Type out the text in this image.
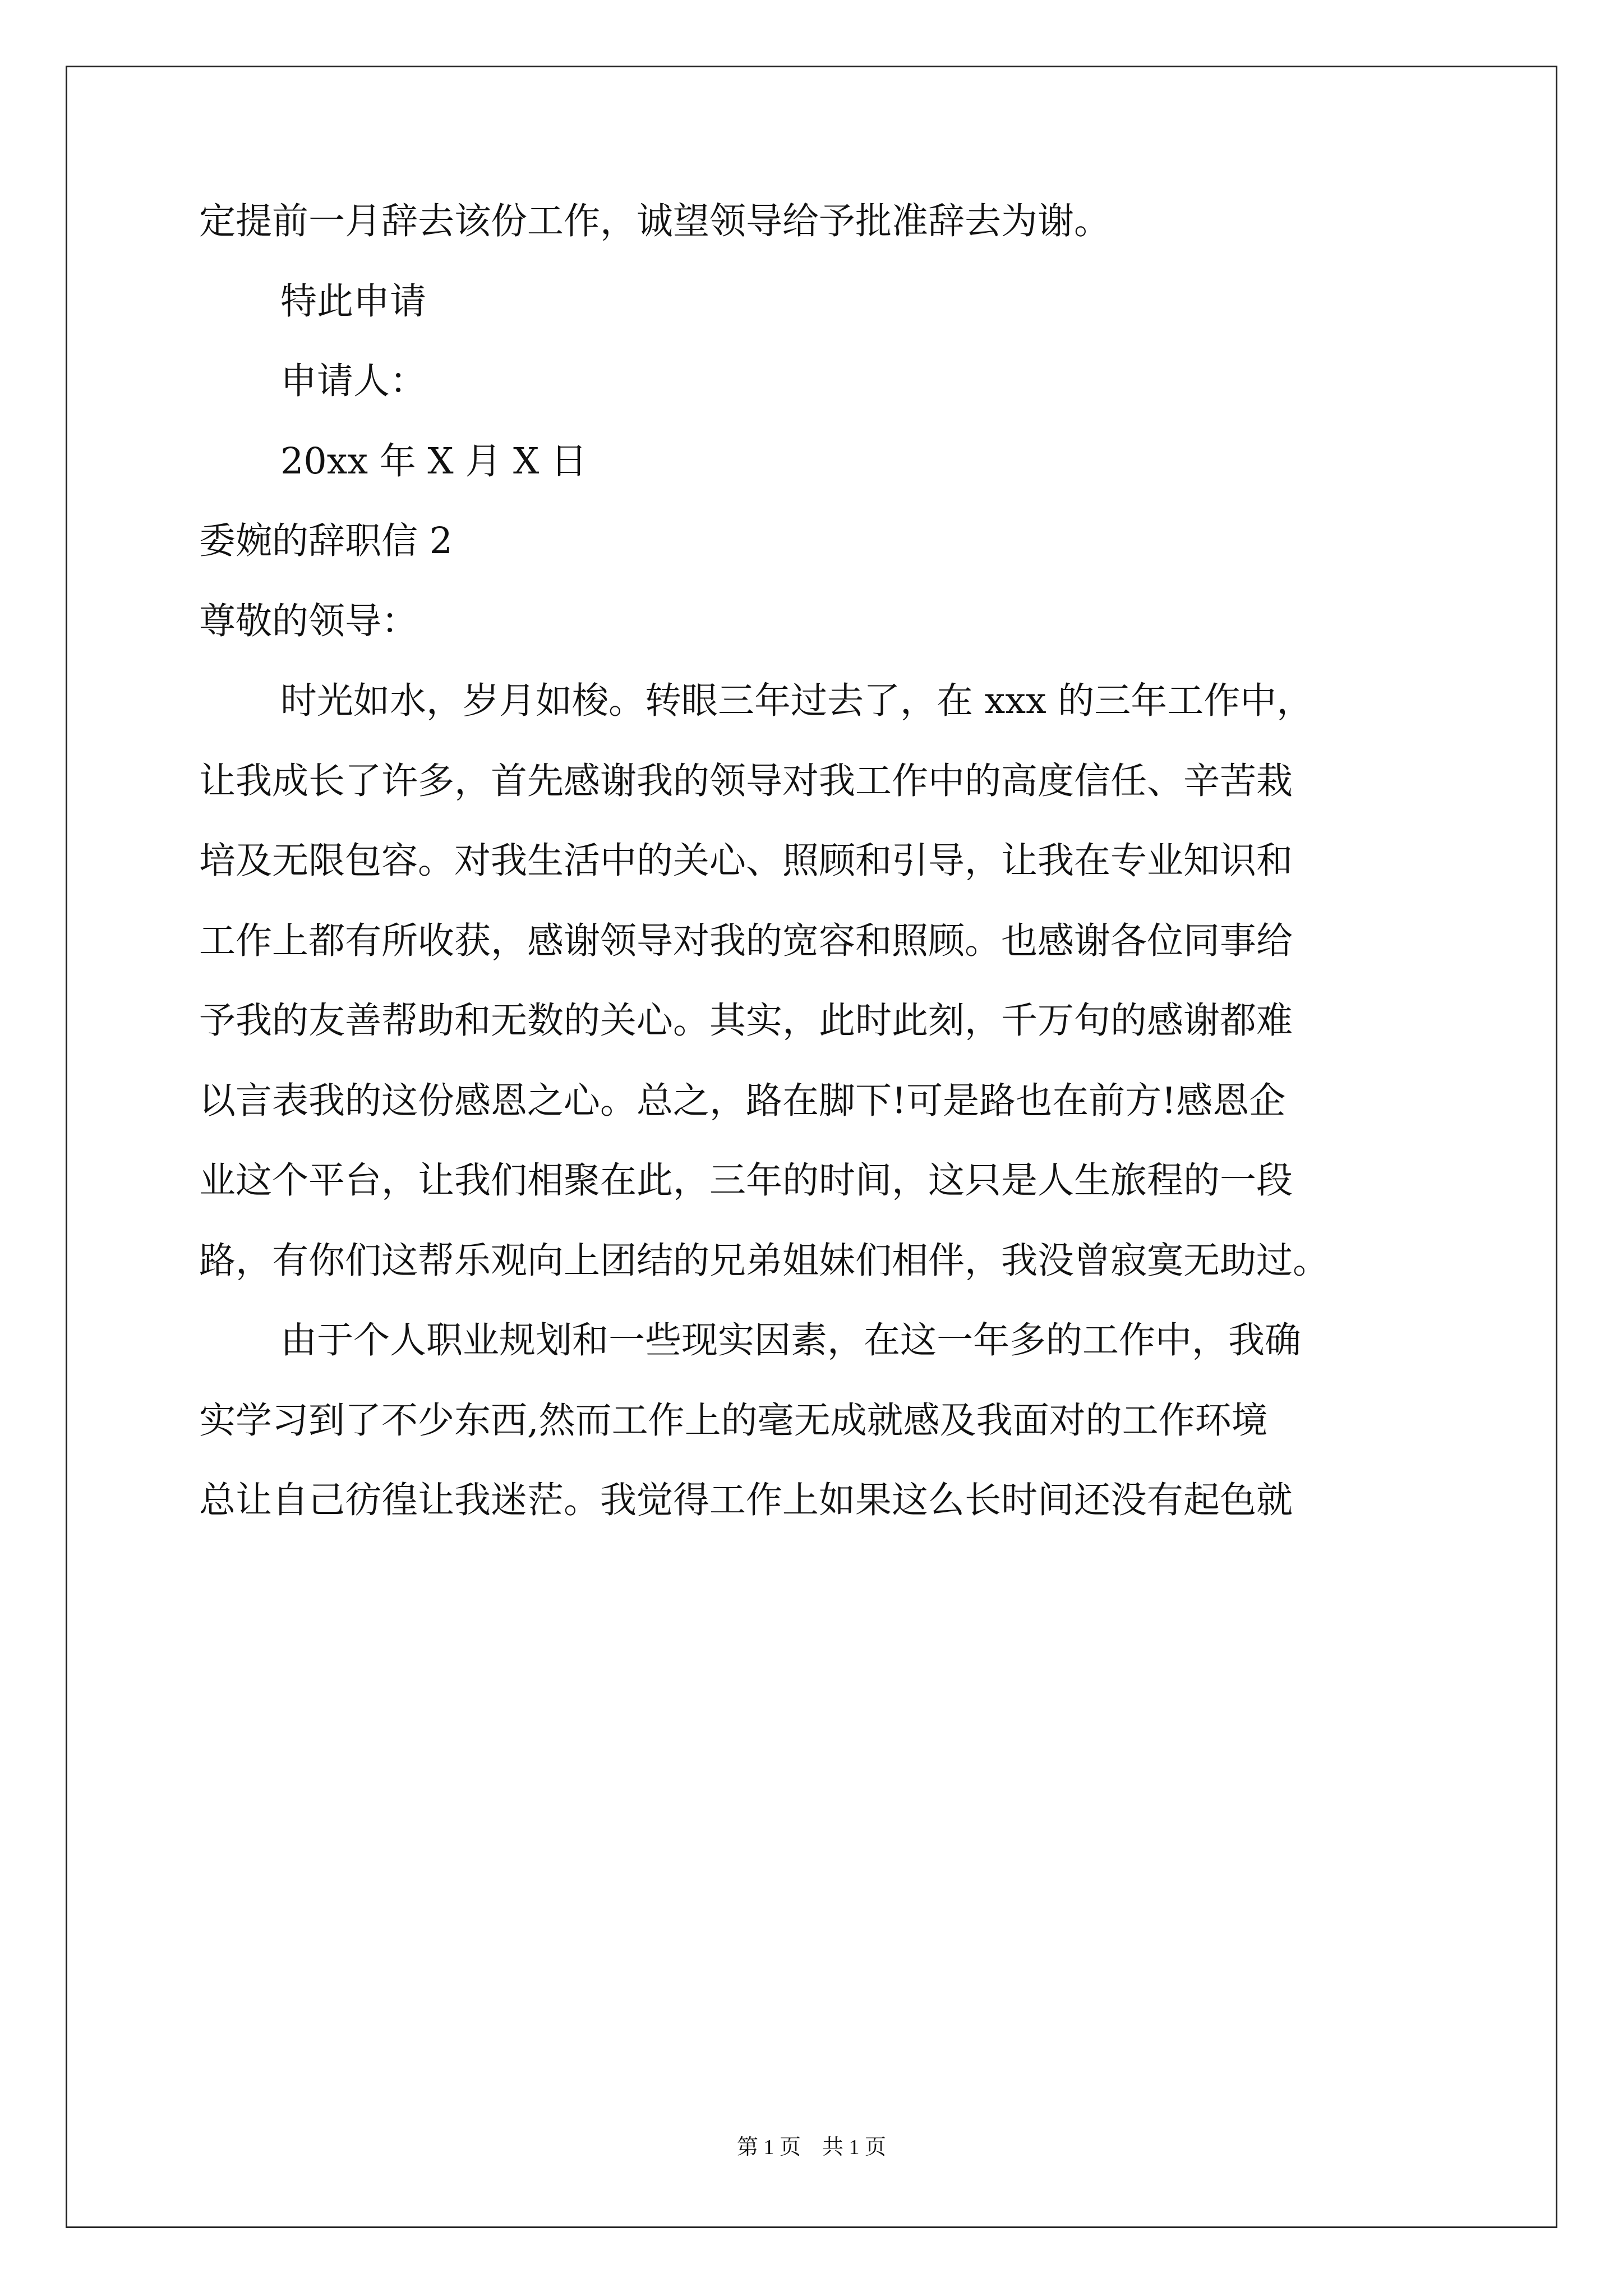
定提前一月辞去该份工作，诚望领导给予批准辞去为谢。

特此申请

申请人：

20xx 年 X 月 X 日

委婉的辞职信 2

尊敬的领导：

时光如水，岁月如梭。转眼三年过去了，在 xxx 的三年工作中，

让我成长了许多，首先感谢我的领导对我工作中的高度信任、辛苦栽

培及无限包容。对我生活中的关心、照顾和引导，让我在专业知识和

工作上都有所收获，感谢领导对我的宽容和照顾。也感谢各位同事给

予我的友善帮助和无数的关心。其实，此时此刻，千万句的感谢都难

以言表我的这份感恩之心。总之，路在脚下!可是路也在前方!感恩企

业这个平台，让我们相聚在此，三年的时间，这只是人生旅程的一段

路，有你们这帮乐观向上团结的兄弟姐妹们相伴，我没曾寂寞无助过。

由于个人职业规划和一些现实因素，在这一年多的工作中，我确

实学习到了不少东西,然而工作上的毫无成就感及我面对的工作环境

总让自己彷徨让我迷茫。我觉得工作上如果这么长时间还没有起色就

第 1 页　共 1 页
